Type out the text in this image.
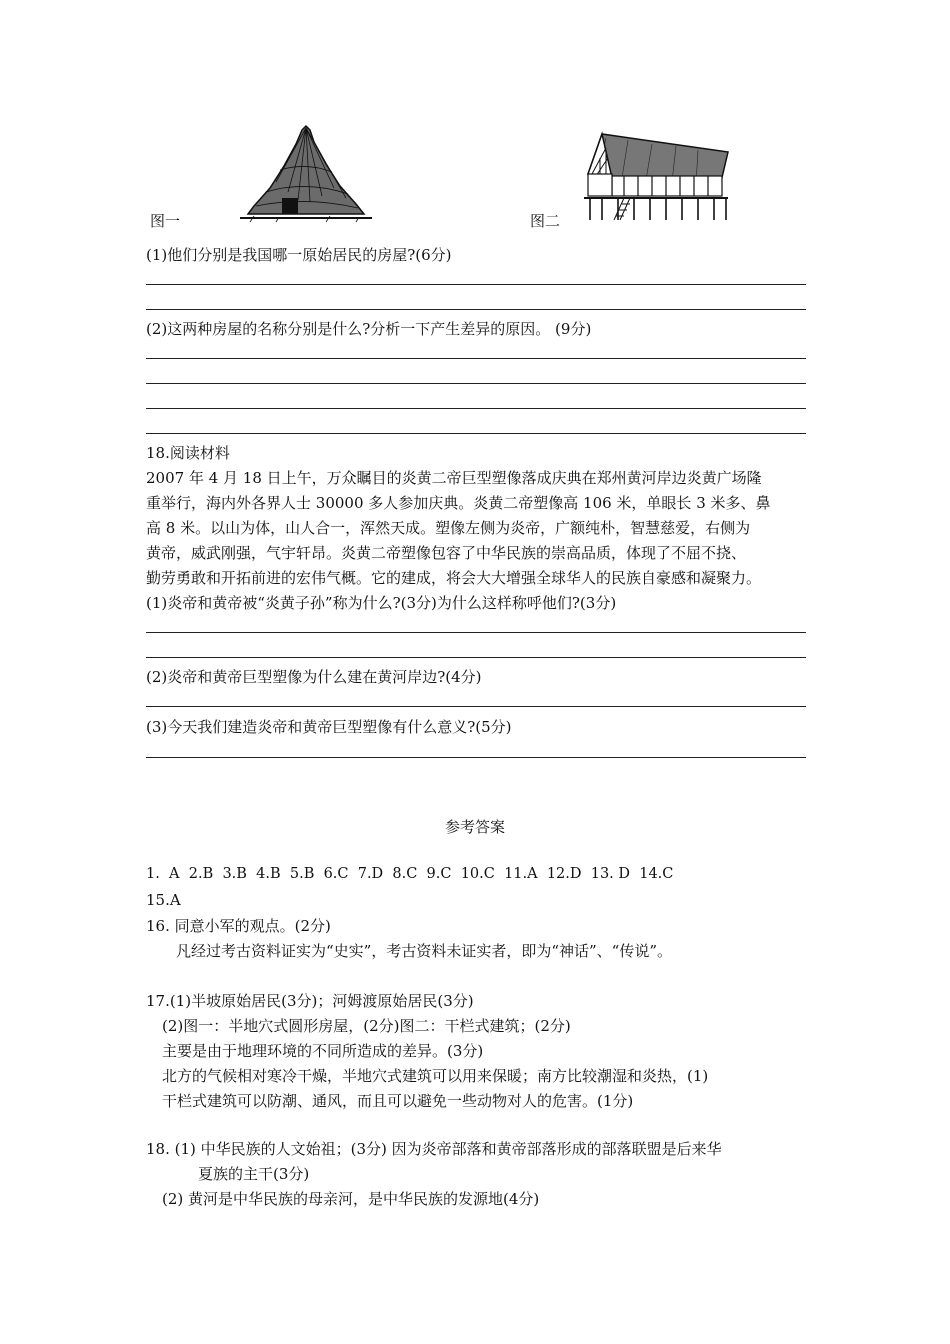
图一	图二
(1)他们分别是我国哪一原始居民的房屋?(6分)
(2)这两种房屋的名称分别是什么?分析一下产生差异的原因。 (9分)
18.阅读材料
2007 年 4 月 18 日上午，万众瞩目的炎黄二帝巨型塑像落成庆典在郑州黄河岸边炎黄广场隆
重举行，海内外各界人士 30000 多人参加庆典。炎黄二帝塑像高 106 米，单眼长 3 米多、鼻
高 8 米。以山为体，山人合一，浑然天成。塑像左侧为炎帝，广额纯朴，智慧慈爱，右侧为
黄帝，威武刚强，气宇轩昂。炎黄二帝塑像包容了中华民族的崇高品质，体现了不屈不挠、
勤劳勇敢和开拓前进的宏伟气概。它的建成，将会大大增强全球华人的民族自豪感和凝聚力。
(1)炎帝和黄帝被“炎黄子孙”称为什么?(3分)为什么这样称呼他们?(3分)
(2)炎帝和黄帝巨型塑像为什么建在黄河岸边?(4分)
(3)今天我们建造炎帝和黄帝巨型塑像有什么意义?(5分)
参考答案
1.  A  2.B  3.B  4.B  5.B  6.C  7.D  8.C  9.C  10.C  11.A  12.D  13. D  14.C
15.A
16. 同意小军的观点。(2分)
凡经过考古资料证实为“史实”，考古资料未证实者，即为“神话”、“传说”。
17.(1)半坡原始居民(3分)；河姆渡原始居民(3分)
(2)图一：半地穴式圆形房屋，(2分)图二：干栏式建筑；(2分)
主要是由于地理环境的不同所造成的差异。(3分)
北方的气候相对寒冷干燥，半地穴式建筑可以用来保暖；南方比较潮湿和炎热，(1)
干栏式建筑可以防潮、通风，而且可以避免一些动物对人的危害。(1分)
18. (1) 中华民族的人文始祖；(3分) 因为炎帝部落和黄帝部落形成的部落联盟是后来华
夏族的主干(3分)
(2) 黄河是中华民族的母亲河，是中华民族的发源地(4分)
